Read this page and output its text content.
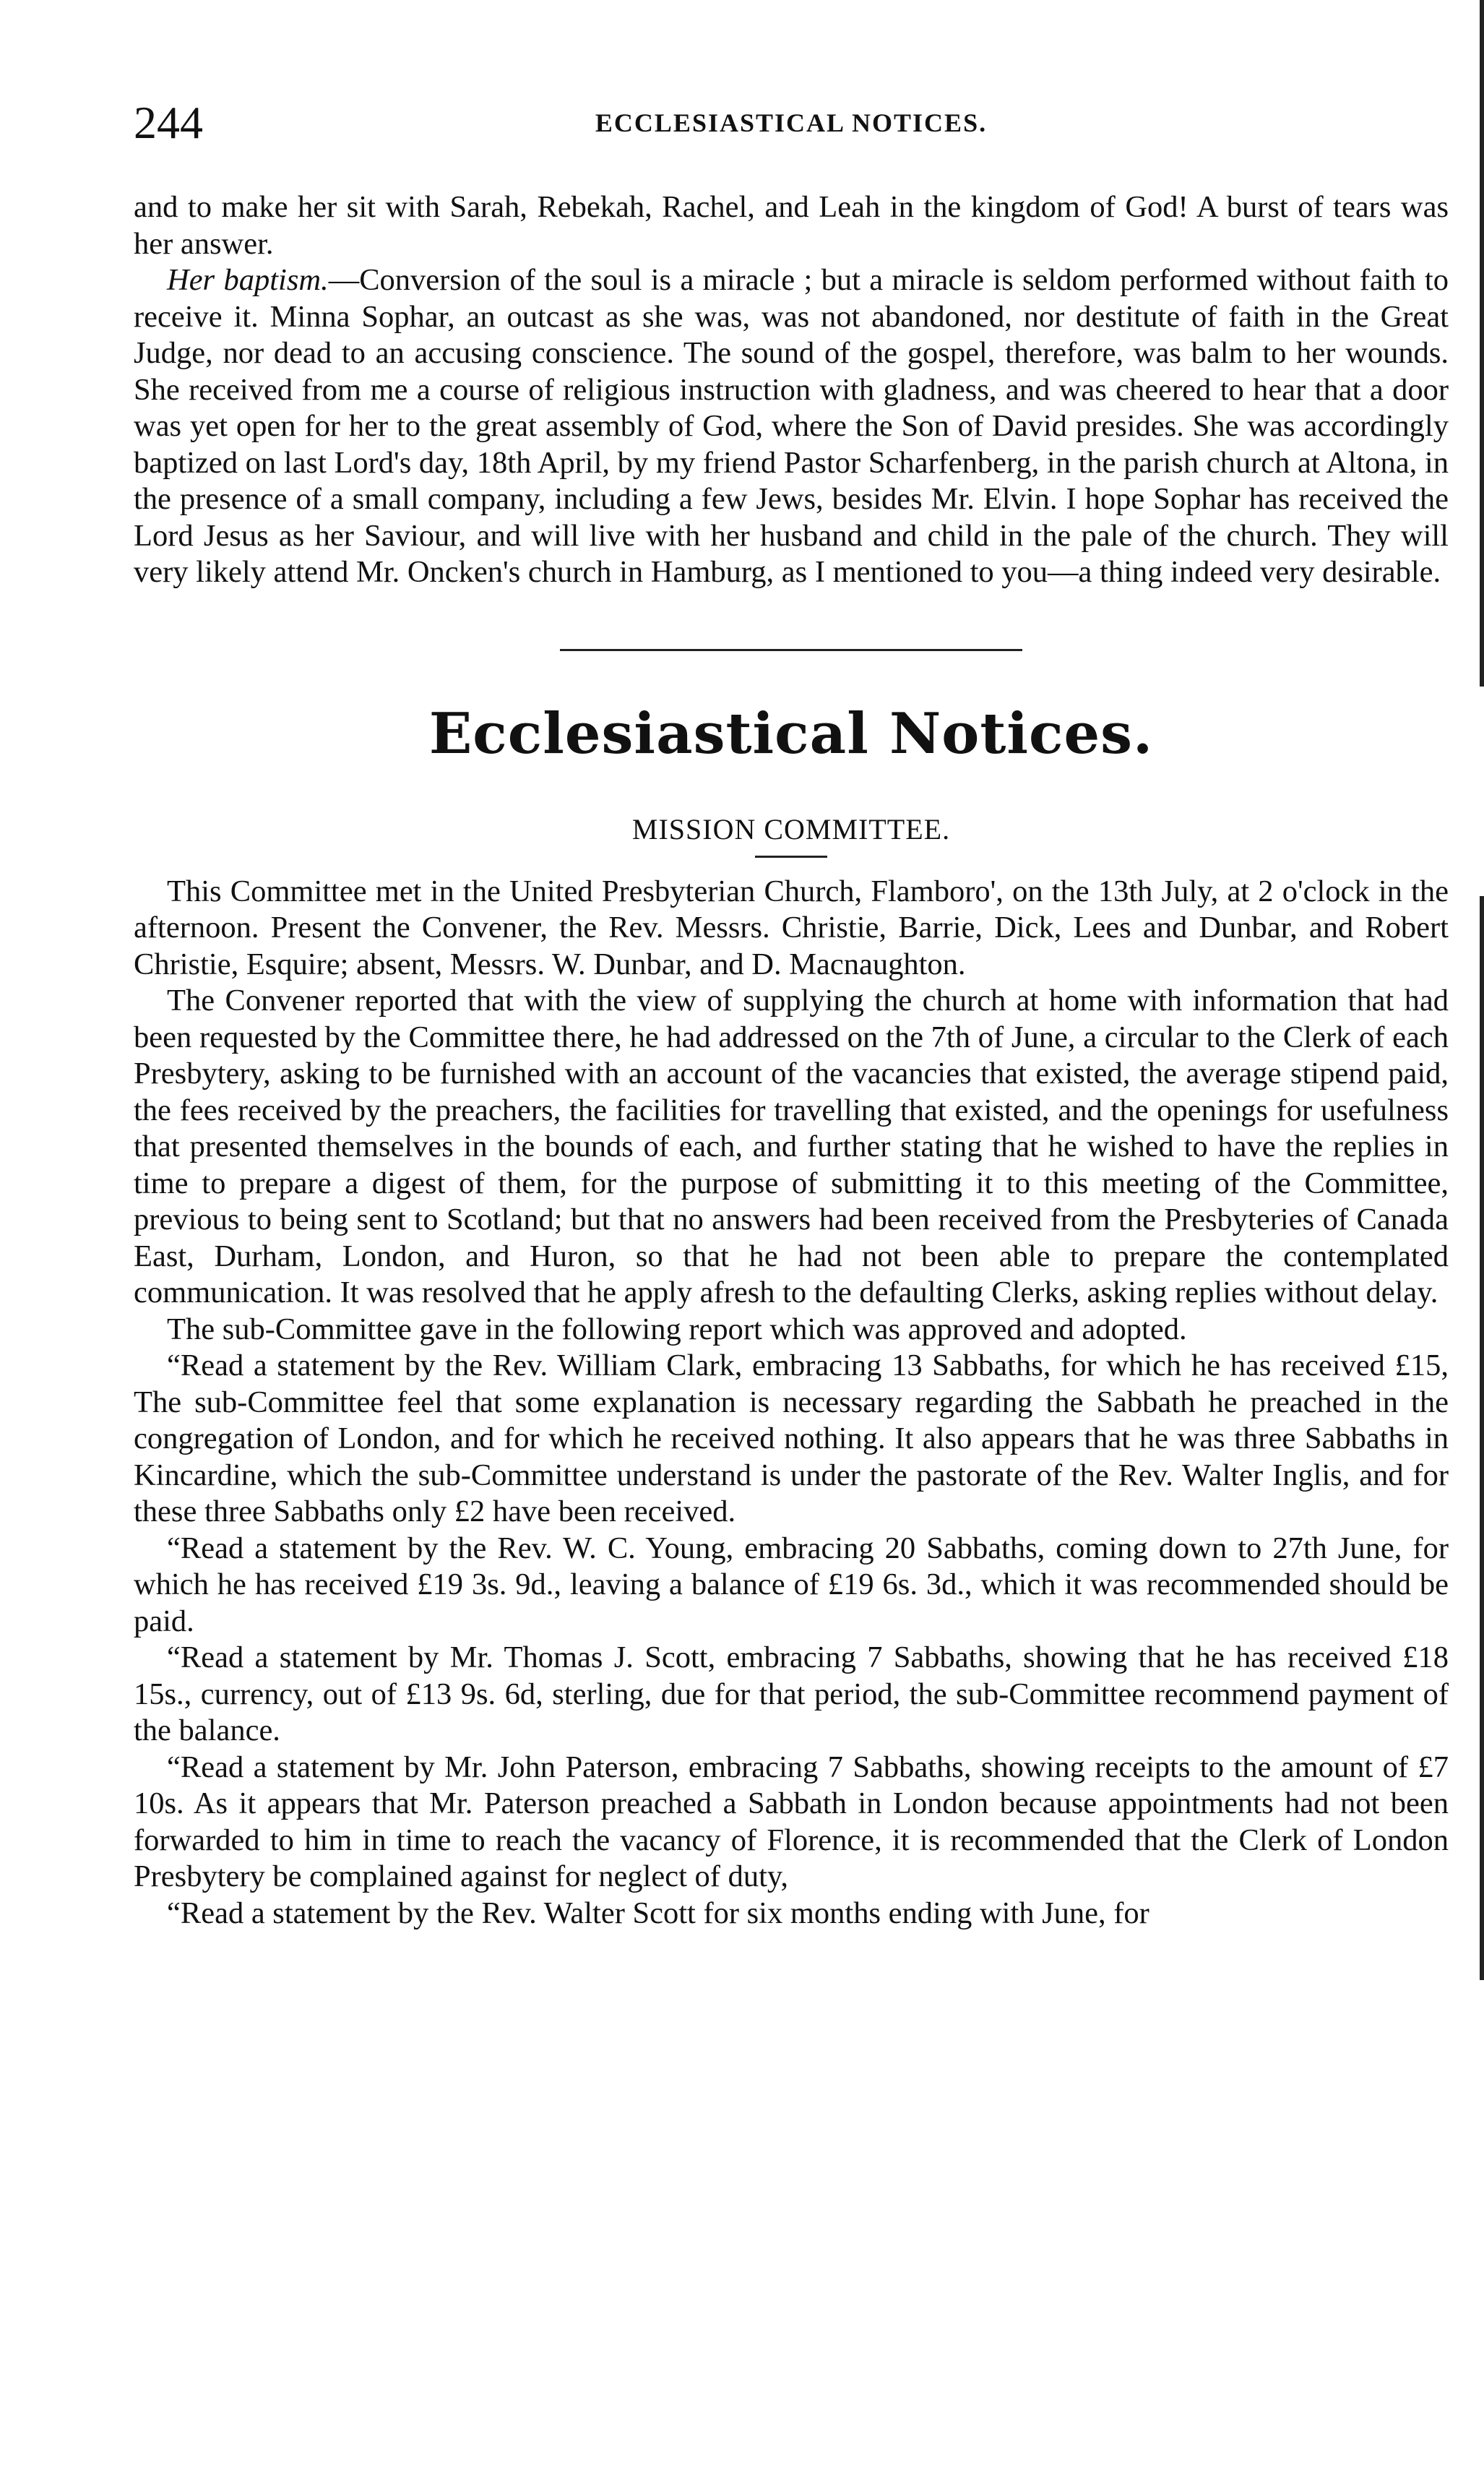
244	ECCLESIASTICAL NOTICES.

and to make her sit with Sarah, Rebekah, Rachel, and Leah in the kingdom of God! A burst of tears was her answer.

Her baptism.—Conversion of the soul is a miracle ; but a miracle is seldom performed without faith to receive it. Minna Sophar, an outcast as she was, was not abandoned, nor destitute of faith in the Great Judge, nor dead to an accusing conscience. The sound of the gospel, therefore, was balm to her wounds. She received from me a course of religious instruction with gladness, and was cheered to hear that a door was yet open for her to the great assembly of God, where the Son of David presides. She was accordingly baptized on last Lord's day, 18th April, by my friend Pastor Scharfenberg, in the parish church at Altona, in the presence of a small company, including a few Jews, besides Mr. Elvin. I hope Sophar has received the Lord Jesus as her Saviour, and will live with her husband and child in the pale of the church. They will very likely attend Mr. Oncken's church in Hamburg, as I mentioned to you—a thing indeed very desirable.

Ecclesiastical Notices.
MISSION COMMITTEE.

This Committee met in the United Presbyterian Church, Flamboro', on the 13th July, at 2 o'clock in the afternoon. Present the Convener, the Rev. Messrs. Christie, Barrie, Dick, Lees and Dunbar, and Robert Christie, Esquire; absent, Messrs. W. Dunbar, and D. Macnaughton.

The Convener reported that with the view of supplying the church at home with information that had been requested by the Committee there, he had addressed on the 7th of June, a circular to the Clerk of each Presbytery, asking to be furnished with an account of the vacancies that existed, the average stipend paid, the fees received by the preachers, the facilities for travelling that existed, and the openings for usefulness that presented themselves in the bounds of each, and further stating that he wished to have the replies in time to prepare a digest of them, for the purpose of submitting it to this meeting of the Committee, previous to being sent to Scotland; but that no answers had been received from the Presbyteries of Canada East, Durham, London, and Huron, so that he had not been able to prepare the contemplated communication. It was resolved that he apply afresh to the defaulting Clerks, asking replies without delay.

The sub-Committee gave in the following report which was approved and adopted.

“Read a statement by the Rev. William Clark, embracing 13 Sabbaths, for which he has received £15, The sub-Committee feel that some explanation is necessary regarding the Sabbath he preached in the congregation of London, and for which he received nothing. It also appears that he was three Sabbaths in Kincardine, which the sub-Committee understand is under the pastorate of the Rev. Walter Inglis, and for these three Sabbaths only £2 have been received.

“Read a statement by the Rev. W. C. Young, embracing 20 Sabbaths, coming down to 27th June, for which he has received £19 3s. 9d., leaving a balance of £19 6s. 3d., which it was recommended should be paid.

“Read a statement by Mr. Thomas J. Scott, embracing 7 Sabbaths, showing that he has received £18 15s., currency, out of £13 9s. 6d, sterling, due for that period, the sub-Committee recommend payment of the balance.

“Read a statement by Mr. John Paterson, embracing 7 Sabbaths, showing receipts to the amount of £7 10s. As it appears that Mr. Paterson preached a Sabbath in London because appointments had not been forwarded to him in time to reach the vacancy of Florence, it is recommended that the Clerk of London Presbytery be complained against for neglect of duty,

“Read a statement by the Rev. Walter Scott for six months ending with June, for
